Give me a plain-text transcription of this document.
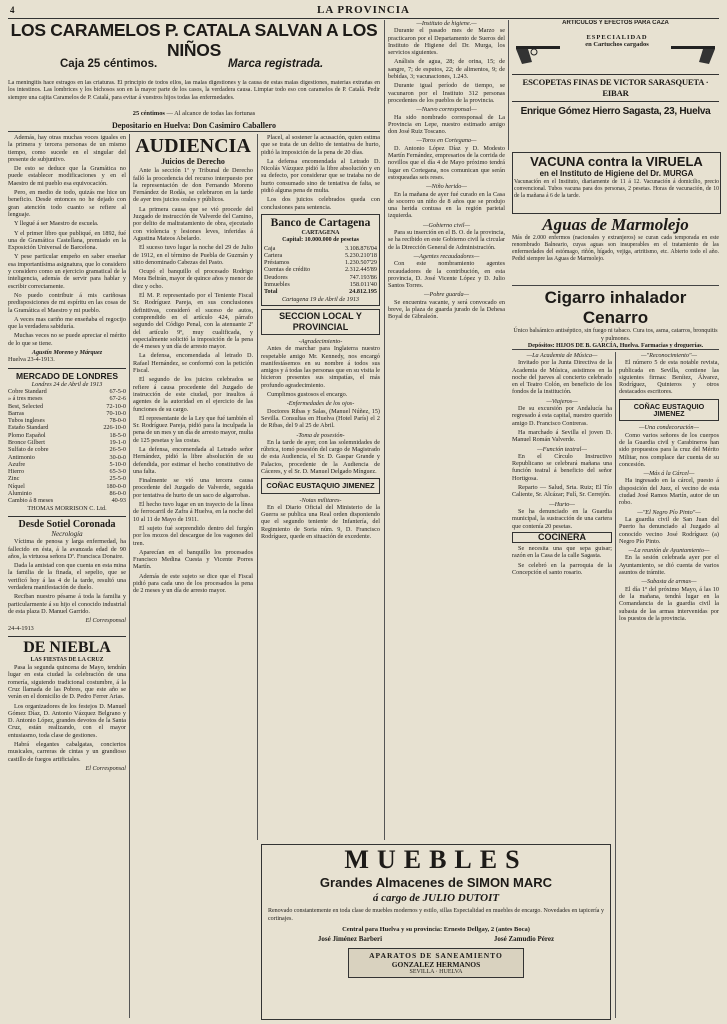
4	LA PROVINCIA
LOS CARAMELOS P. CATALA SALVAN A LOS NIÑOS
Caja 25 céntimos.	Marca registrada.
La meningitis hace estragos en las criaturas. El principio de todos ellos, las malas digestiones y la causa de estas malas digestiones, materias extrañas en los intestinos. Las lombrices y los bichosos son en la mayor parte de los casos, la verdadera causa. Limpiar todo eso con caramelos de P. Catalá. Pedir siempre una cajita Caramelos de P. Catalá, para evitar á vuestros hijos todas las enfermedades.
25 céntimos — Al alcance de todas las fortunas
Depositario en Huelva: Don Casimiro Caballero

Además, hay otras muchas voces iguales en la primera y tercera personas de un mismo tiempo, como sucede en el singular del presente de subjuntivo.

De esto se deduce que la Gramática no puede establecer modificaciones y en el Maestro de mi pueblo esa equivocación.

Pero, en medio de todo, quizás me hice un beneficio. Desde entonces no he dejado con gran atención todo cuanto se refiere al lenguaje.

Y llegué á ser Maestro de escuela.

Y el primer libro que publiqué, en 1892, fué una de Gramática Castellana, premiado en la Exposición Universal de Barcelona.

Y pese particular empeño en saber enseñar esa importantísima asignatura, que lo considero y considero como un ejercicio gramatical de la inteligencia, además de servir para hablar y escribir correctamente.

No puedo contribuir á mis cariñosas predisposiciones de mi espíritu en las cosas de la Gramática el Maestro y mi pueblo.

A veces mas cariño me enseñaba el regocijo que la verdadera sabiduría.

Muchas veces no se puede apreciar el mérito de lo que se tiene.

Agustín Moreno y Márquez
Huelva 23-4-1913.
MERCADO DE LONDRES
Londres 24 de Abril de 1913
Cobre Standard	67-5-0
» á tres meses	67-2-6
Best, Selected	72-10-0
Barras	70-10-0
Tubos ingleses	78-0-0
Estaño Standard	226-10-0
Plomo Español	18-5-0
Bronce Gilbert	19-1-0
Sulfato de cobre	26-5-0
Antimonio	30-0-0
Azufre	5-10-0
Hierro	65-3-0
Zinc	25-5-0
Níquel	180-0-0
Aluminio	86-0-0
Cambio á 8 meses	40-93
THOMAS MORRISON C. Ltd.
Desde Sotiel Coronada
Necrología

Víctima de penosa y larga enfermedad, ha fallecido en ésta, á la avanzada edad de 90 años, la virtuosa señora Dª. Francisca Donaire.

Dada la amistad con que cuenta en esta mina la familia de la finada, el sepelio, que se verificó hoy á las 4 de la tarde, resultó una verdadera manifestación de duelo.

Reciban nuestro pésame á toda la familia y particularmente á su hijo el conocido industrial de esta plaza D. Manuel Garrido.

El Corresponsal
24-4-1913
DE NIEBLA
LAS FIESTAS DE LA CRUZ

Pasa la segunda quincena de Mayo, tendrán lugar en esta ciudad la celebración de una romería, siguiendo tradicional costumbre, á la Cruz llamada de las Pobres, que este año se verán en el domicilio de D. Pedro Ferrer Arias.

Los organizadores de los festejos D. Manuel Gómez Díaz, D. Antonio Vázquez Belgrano y D. Antonio López, grandes devotos de la Santa Cruz, están realizando, con el mayor entusiasmo, toda clase de gestiones.

Habrá elegantes cabalgatas, conciertos musicales, carreras de cintas y un grandioso castillo de fuegos artificiales.

El Corresponsal
AUDIENCIA
Juicios de Derecho

Ante la sección 1ª y Tribunal de Derecho falló la procedencia del recurso interpuesto por la representación de don Fernando Moreno Fernández de Rodás, se celebraron en la tarde de ayer tres juicios orales y públicos.

La primera causa que se vió procede del Juzgado de instrucción de Valverde del Camino, por delito de maltratamiento de obra, ejecutado con violencia y lesiones leves, inferidas á Agustina Mateos Abelardo.

El suceso tuvo lugar la noche del 29 de Julio de 1912, en el término de Puebla de Guzmán y sitio denominado Cabezas del Pasto.

Ocupó el banquillo el procesado Rodrigo Mora Beltrán, mayor de quince años y menor de diez y ocho.

El M. P. representado por el Teniente Fiscal Sr. Rodríguez Pareja, en sus conclusiones definitivas, consideró el suceso de autos, comprendido en el artículo 424, párrafo segundo del Código Penal, con la atenuante 2ª del artículo 9º, muy cualificada, y especialmente solicitó la imposición de la pena de 4 meses y un día de arresto mayor.

La defensa, encomendada al letrado D. Rafael Hernández, se conformó con la petición Fiscal.

El segundo de los juicios celebrados se refiere á causa procedente del Juzgado de instrucción de este ciudad, por insultos á agentes de la autoridad en el ejercicio de las funciones de su cargo.

El representante de la Ley que fué también el Sr. Rodríguez Pareja, pidió para la inculpada la pena de un mes y un día de arresto mayor, multa de 125 pesetas y las costas.

La defensa, encomendada al Letrado señor Hernández, pidió la libre absolución de su defendida, por estimar el hecho constitutivo de una falta.

Finalmente se vió una tercera causa procedente del Juzgado de Valverde, seguida por tentativa de hurto de un saco de algarrobas.

El hecho tuvo lugar en un trayecto de la línea de ferrocarril de Zafra á Huelva, en la noche del 10 al 11 de Mayo de 1911.

El sujeto fué sorprendido dentro del furgón por los mozos del descargue de los vagones del tren.

Aparecían en el banquillo los procesados Francisco Medina Cuesta y Vicente Porres Martín.

Además de este sujeto se dice que el Fiscal pidió para cada uno de los procesados la pena de 2 meses y un día de arresto mayor.

Placel, al sostener la acusación, quien estima que se trata de un delito de tentativa de hurto, pidió la imposición de la pena de 20 días.

La defensa encomendada al Letrado D. Nicolás Vázquez pidió la libre absolución y en su defecto, por considerar que se trataba no de hurto consumado sino de tentativa de falta, se pidió alguna pena de multa.

Los dos juicios celebrados queda con conclusiones para sentencia.

Banco de Cartagena
CARTAGENA
Capital: 10.000.000 de pesetas
Caja	3.108.876'04
Cartera	5.230.210'18
Préstamos	1.230.507'29
Cuentas de crédito	2.312.445'89
Deudores	747.193'86
Inmuebles	158.011'40
Total	24.812.195
Cartagena 19 de Abril de 1913
SECCION LOCAL Y PROVINCIAL
-Agradecimiento-

Antes de marchar para Inglaterra nuestro respetable amigo Mr. Kennedy, nos encargó manifestásemos en su nombre á todos sus amigos y á todas las personas que en su visita le hicieron presentes sus simpatías, el más profundo agradecimiento.

Cumplimos gustosos el encargo.

-Enfermedades de los ojos-

Doctores Ribas y Salas, (Manuel Núñez, 15) Sevilla. Consultas en Huelva (Hotel París) el 2 de Ribas, del 9 al 25 de Abril.

-Toma de posesión-

En la tarde de ayer, con las solemnidades de rúbrica, tomó posesión del cargo de Magistrado de esta Audiencia, el Sr. D. Gaspar Grande y Palacios, procedente de la Audiencia de Cáceres, y el Sr. D. Manuel Delgado Mínguez.

COÑAC EUSTAQUIO JIMENEZ
-Notas militares-

En el Diario Oficial del Ministerio de la Guerra se publica una Real orden disponiendo que el segundo teniente de Infantería, del Regimiento de Soria núm. 9, D. Francisco Rodríguez, quede en situación de excedente.

—Instituto de higiene.—

Durante el pasado mes de Marzo se practicaron por el Departamento de Sueros del Instituto de Higiene del Dr. Murga, los servicios siguientes.

Análisis de agua, 28; de orina, 15; de sangre, 7; de esputos, 22; de alimentos, 9; de bebidas, 3; vacunaciones, 1.243.

Durante igual período de tiempo, se vacunaron por el Instituto 312 personas procedentes de los pueblos de la provincia.

—Nuevo corresponsal—

Ha sido nombrado corresponsal de La Provincia en Lepe, nuestro estimado amigo don José Ruiz Toscano.

—Toros en Cortegana—

D. Antonio López Díaz y D. Modesto Martín Fernández, empresarios de la corrida de novillos que el día 4 de Mayo próximo tendrá lugar en Cortegana, nos comunican que serán estoqueadas seis reses.

—Niño herido—

En la mañana de ayer fué curado en la Casa de socorro un niño de 8 años que se produjo una herida contusa en la región parietal izquierda.

—Gobierno civil—

Para su inserción en el B. O. de la provincia, se ha recibido en este Gobierno civil la circular de la Dirección General de Administración.

—Agentes recaudadores—

Con este nombramiento agentes recaudadores de la contribución, en esta provincia, D. José Vicente López y D. Julio Santos Torres.

—Pobre guarda—

Se encuentra vacante, y será convocado en breve, la plaza de guarda jurado de la Dehesa Boyal de Gibraleón.

ARTÍCULOS Y EFECTOS PARA CAZA
ESPECIALIDAD
en Cartuchos cargados
ESCOPETAS FINAS DE VICTOR SARASQUETA · EIBAR
Enrique Gómez Hierro Sagasta, 23, Huelva
VACUNA contra la VIRUELA
en el Instituto de Higiene del Dr. MURGA
Vacunación en el Instituto, diariamente de 11 á 12. Vacunación á domicilio, precio convencional. Tubos vacuna para dos personas, 2 pesetas. Horas de vacunación, de 10 de la mañana á 6 de la tarde.
Aguas de Marmolejo
Más de 2.000 enfermos (nacionales y extranjeros) se curan cada temporada en este renombrado Balneario, cuyas aguas son insuperables en el tratamiento de las enfermedades del estómago, riñón, hígado, vejiga, artritismo, etc. Abierto todo el año. Pedid siempre las Aguas de Marmolejo.
Cigarro inhalador Cenarro
Único balsámico antiséptico, sin fuego ni tabaco. Cura tos, asma, catarros, bronquitis y pulmones.
Depósitos: HIJOS DE B. GARCÍA, Huelva. Farmacias y droguerías.
—La Academia de Música—

Invitado por la Junta Directiva de la Academia de Música, asistimos en la noche del jueves al concierto celebrado en el Teatro Colón, en beneficio de los fondos de la institución.

—Viajeros—

De su excursión por Andalucía ha regresado á esta capital, nuestro querido amigo D. Francisco Contreras.

Ha marchado á Sevilla el joven D. Manuel Román Valverde.

—Función teatral—

En el Círculo Instructivo Republicano se celebrará mañana una función teatral á beneficio del señor Hortigosa.

Reparto — Salud, Srta. Ruiz; El Tío Caliente, Sr. Alcázar; Fulí, Sr. Cerrejón.

—Hurto—

Se ha denunciado en la Guardia municipal, la sustracción de una cartera que contenía 20 pesetas.

COCINERA

Se necesita una que sepa guisar; razón en la Casa de la calle Sagasta.

Se celebró en la parroquia de la Concepción el santo rosario.

—"Reconocimiento"—

El número 5 de esta notable revista, publicada en Sevilla, contiene las siguientes firmas: Benítez, Álvarez, Rodríguez, Quinteros y otros destacados escritores.

COÑAC EUSTAQUIO JIMENEZ
—Una condecoración—

Como varios señores de los cuerpos de la Guardia civil y Carabineros han sido propuestos para la cruz del Mérito Militar, nos complace dar cuenta de su concesión.

—Más á la Cárcel—

Ha ingresado en la cárcel, puesto á disposición del Juez, el vecino de esta ciudad José Ramos Martín, autor de un robo.

—"El Negro Pío Pinto"—

La guardia civil de San Juan del Puerto ha denunciado al Juzgado al conocido vecino José Rodríguez (a) Negro Pío Pinto.

—La reunión de Ayuntamiento—

En la sesión celebrada ayer por el Ayuntamiento, se dió cuenta de varios asuntos de trámite.

—Subasta de armas—

El día 1º del próximo Mayo, á las 10 de la mañana, tendrá lugar en la Comandancia de la guardia civil la subasta de las armas intervenidas por los puestos de la provincia.

MUEBLES
Grandes Almacenes de SIMON MARC
á cargo de JULIO DUTOIT
Renovado constantemente en toda clase de muebles modernos y estilo, sillas Especialidad en muebles de encargo. Novedades en tapicería y cortinajes.
Central para Huelva y su provincia: Ernesto Dellgay, 2 (antes Boca)
José Jiménez Barberi	José Zamudio Pérez
APARATOS DE SANEAMIENTO
GONZALEZ HERMANOS
SEVILLA · HUELVA
